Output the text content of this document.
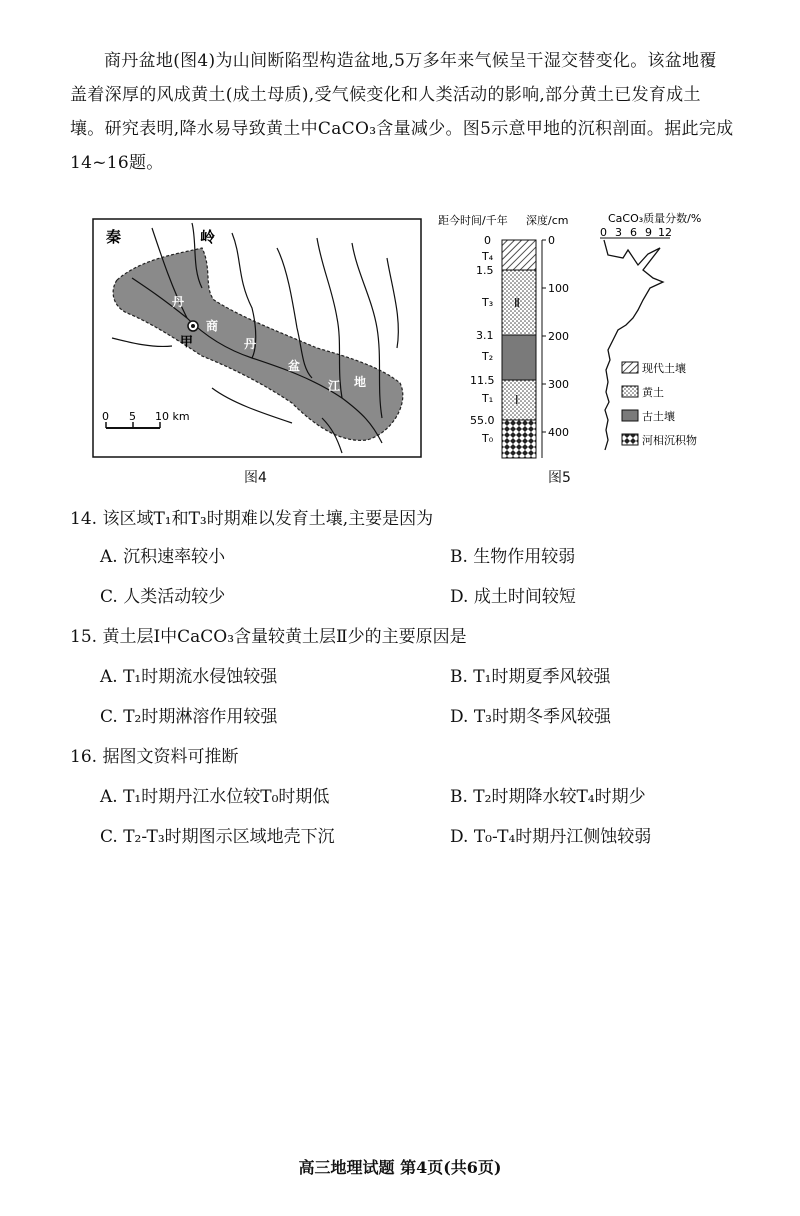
商丹盆地(图4)为山间断陷型构造盆地,5万多年来气候呈干湿交替变化。该盆地覆
盖着深厚的风成黄土(成土母质),受气候变化和人类活动的影响,部分黄土已发育成土
壤。研究表明,降水易导致黄土中CaCO₃含量减少。图5示意甲地的沉积剖面。据此完成
14~16题。
秦	岭
丹
甲
商
丹
盆
江 地
0 5 10 km
图4
距今时间/千年 深度/cm	CaCO₃质量分数/%
0 3 6 9 12
Ⅱ
Ⅰ
0
100
200
300
400
0
1.5
3.1
11.5
55.0
T₄
T₃
T₂
T₁
T₀
现代土壤
黄土
古土壤
河相沉积物
图5
14. 该区域T₁和T₃时期难以发育土壤,主要是因为
A. 沉积速率较小	B. 生物作用较弱
C. 人类活动较少	D. 成土时间较短
15. 黄土层Ⅰ中CaCO₃含量较黄土层Ⅱ少的主要原因是
A. T₁时期流水侵蚀较强	B. T₁时期夏季风较强
C. T₂时期淋溶作用较强	D. T₃时期冬季风较强
16. 据图文资料可推断
A. T₁时期丹江水位较T₀时期低	B. T₂时期降水较T₄时期少
C. T₂-T₃时期图示区域地壳下沉	D. T₀-T₄时期丹江侧蚀较弱
高三地理试题 第4页(共6页)
